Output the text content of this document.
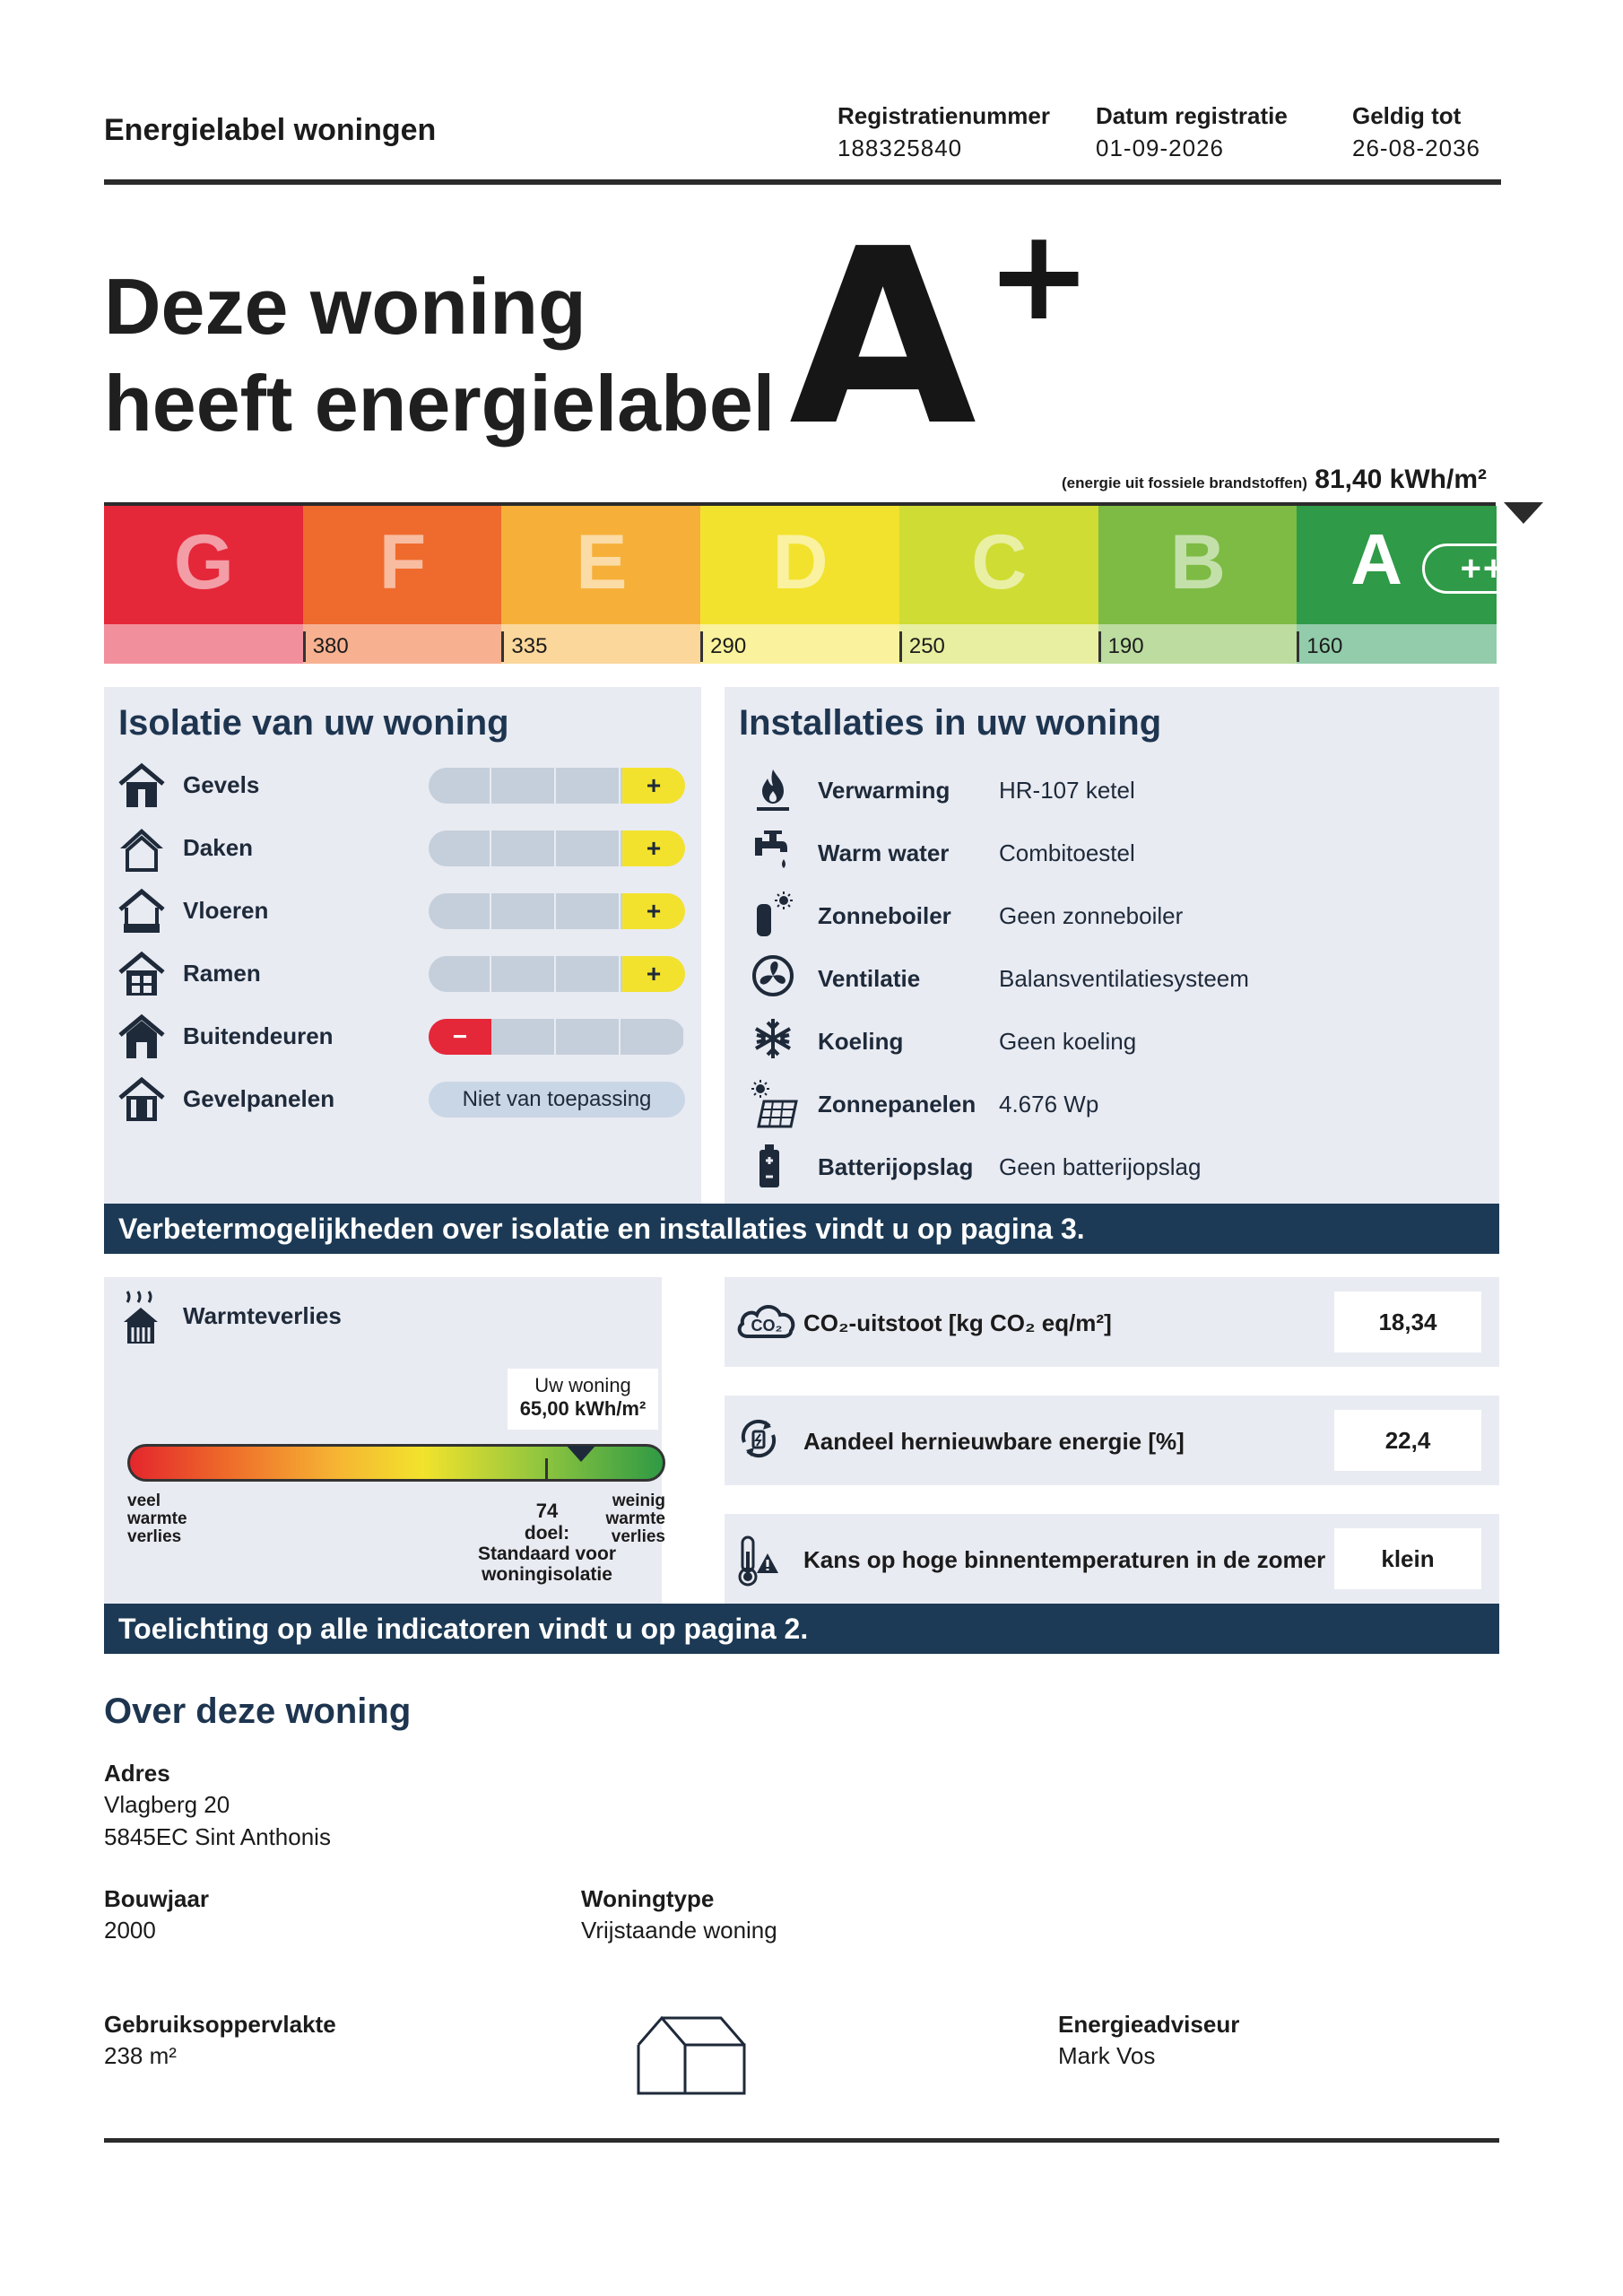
Energielabel woningen	Registratienummer
188325840
Datum registratie
01-09-2026
Geldig tot
26-08-2036
Deze woning
heeft energielabel A +
(energie uit fossiele brandstoffen) 81,40 kWh/m²
G	F	E	D	C	B	A	++++
380	335	290	250	190	160
Isolatie van uw woning
Gevels	+
Daken	+
Vloeren	+
Ramen	+
Buitendeuren	−
Gevelpanelen	Niet van toepassing
Installaties in uw woning
Verwarming HR-107 ketel
Warm water Combitoestel
Zonneboiler Geen zonneboiler
Ventilatie	Balansventilatiesysteem
Koeling	Geen koeling
Zonnepanelen 4.676 Wp
Batterijopslag Geen batterijopslag
Verbetermogelijkheden over isolatie en installaties vindt u op pagina 3.
Warmteverlies
Uw woning
65,00 kWh/m²
veel
warmte
verlies
weinig
warmte
verlies
74
doel:
Standaard voor
woningisolatie
CO₂ CO₂-uitstoot [kg CO₂ eq/m²]	18,34
Aandeel hernieuwbare energie [%]	22,4
Kans op hoge binnentemperaturen in de zomer	klein
Toelichting op alle indicatoren vindt u op pagina 2.
Over deze woning
Adres
Vlagberg 20
5845EC Sint Anthonis
Bouwjaar
2000
Woningtype
Vrijstaande woning
Gebruiksoppervlakte
238 m²
Energieadviseur
Mark Vos
